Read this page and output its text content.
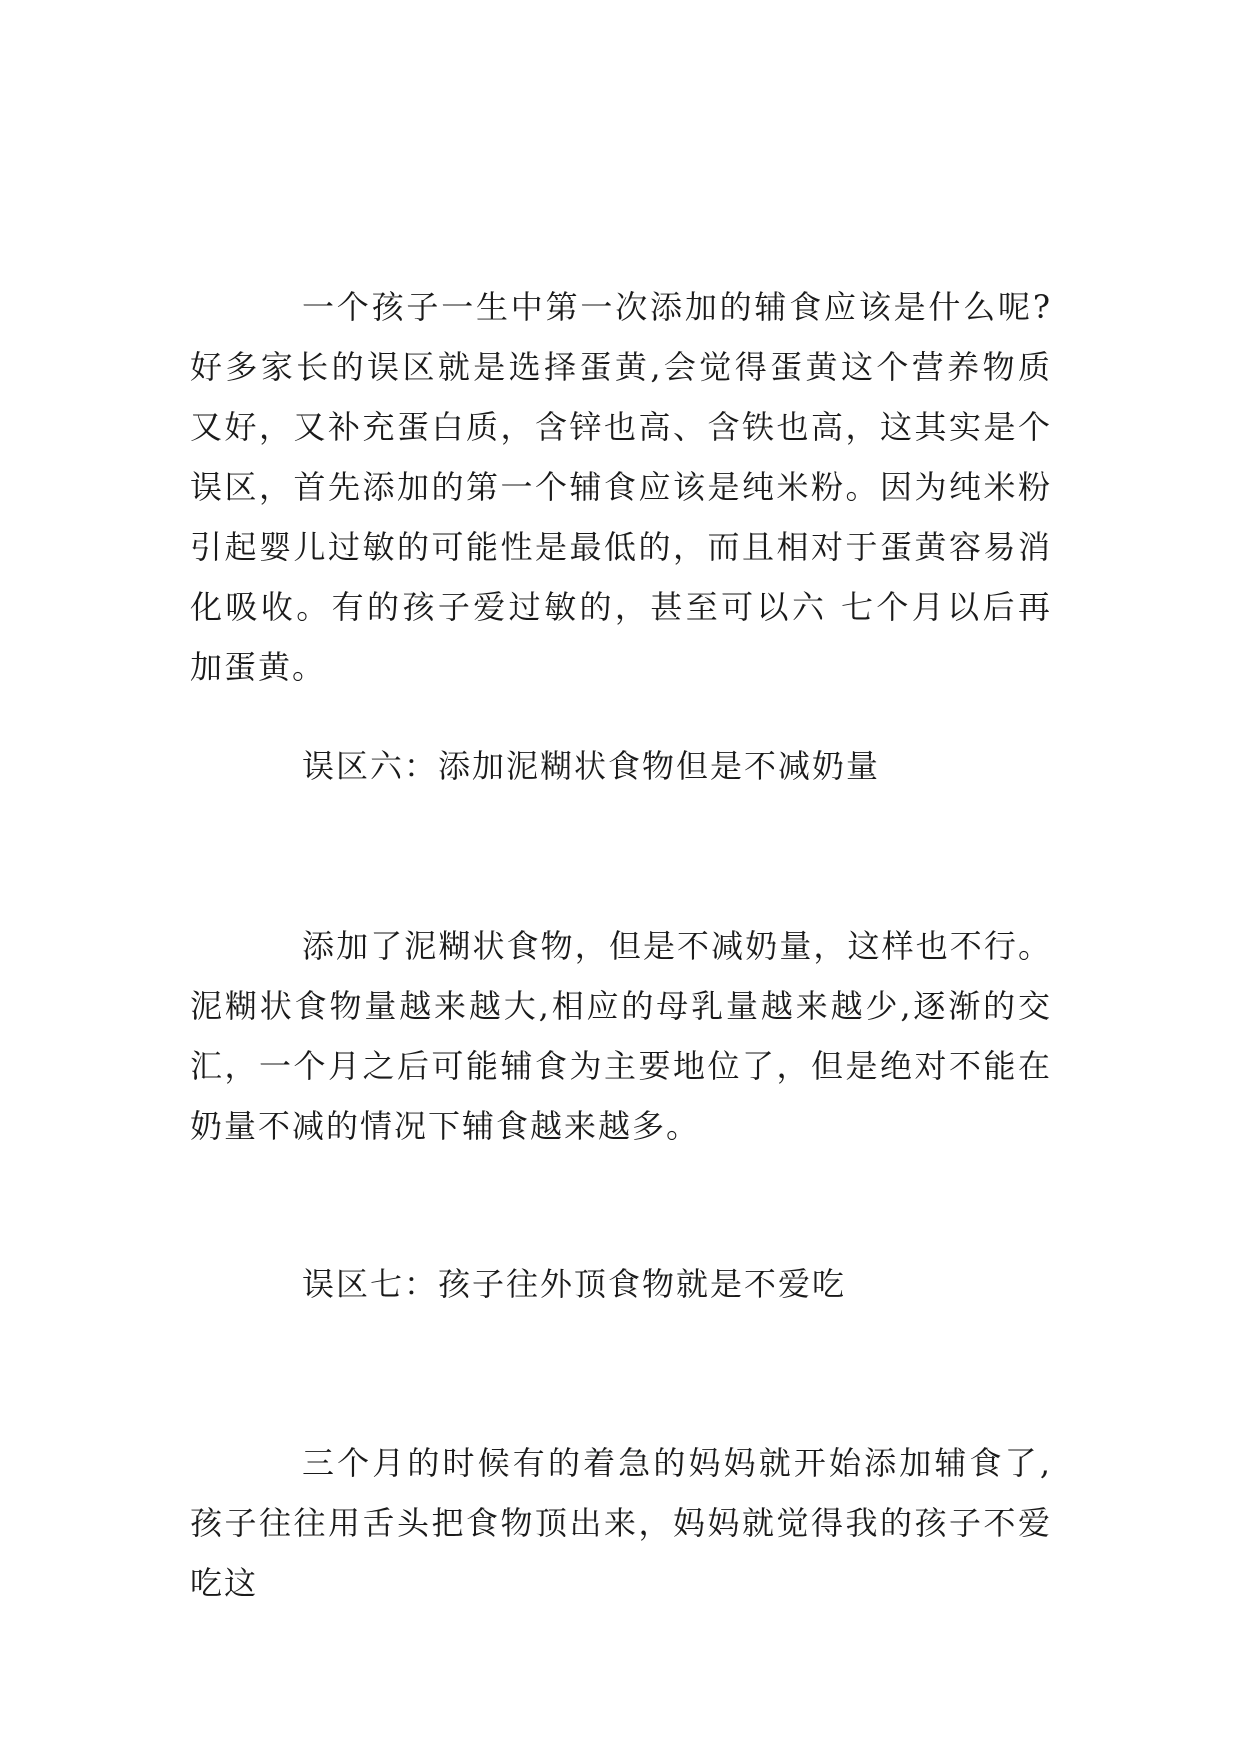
一个孩子一生中第一次添加的辅食应该是什么呢?好多家长的误区就是选择蛋黄,会觉得蛋黄这个营养物质又好，又补充蛋白质，含锌也高、含铁也高，这其实是个误区，首先添加的第一个辅食应该是纯米粉。因为纯米粉引起婴儿过敏的可能性是最低的，而且相对于蛋黄容易消化吸收。有的孩子爱过敏的，甚至可以六 七个月以后再加蛋黄。

误区六：添加泥糊状食物但是不减奶量

添加了泥糊状食物，但是不减奶量，这样也不行。泥糊状食物量越来越大,相应的母乳量越来越少,逐渐的交汇，一个月之后可能辅食为主要地位了，但是绝对不能在奶量不减的情况下辅食越来越多。

误区七：孩子往外顶食物就是不爱吃

三个月的时候有的着急的妈妈就开始添加辅食了,孩子往往用舌头把食物顶出来，妈妈就觉得我的孩子不爱吃这
